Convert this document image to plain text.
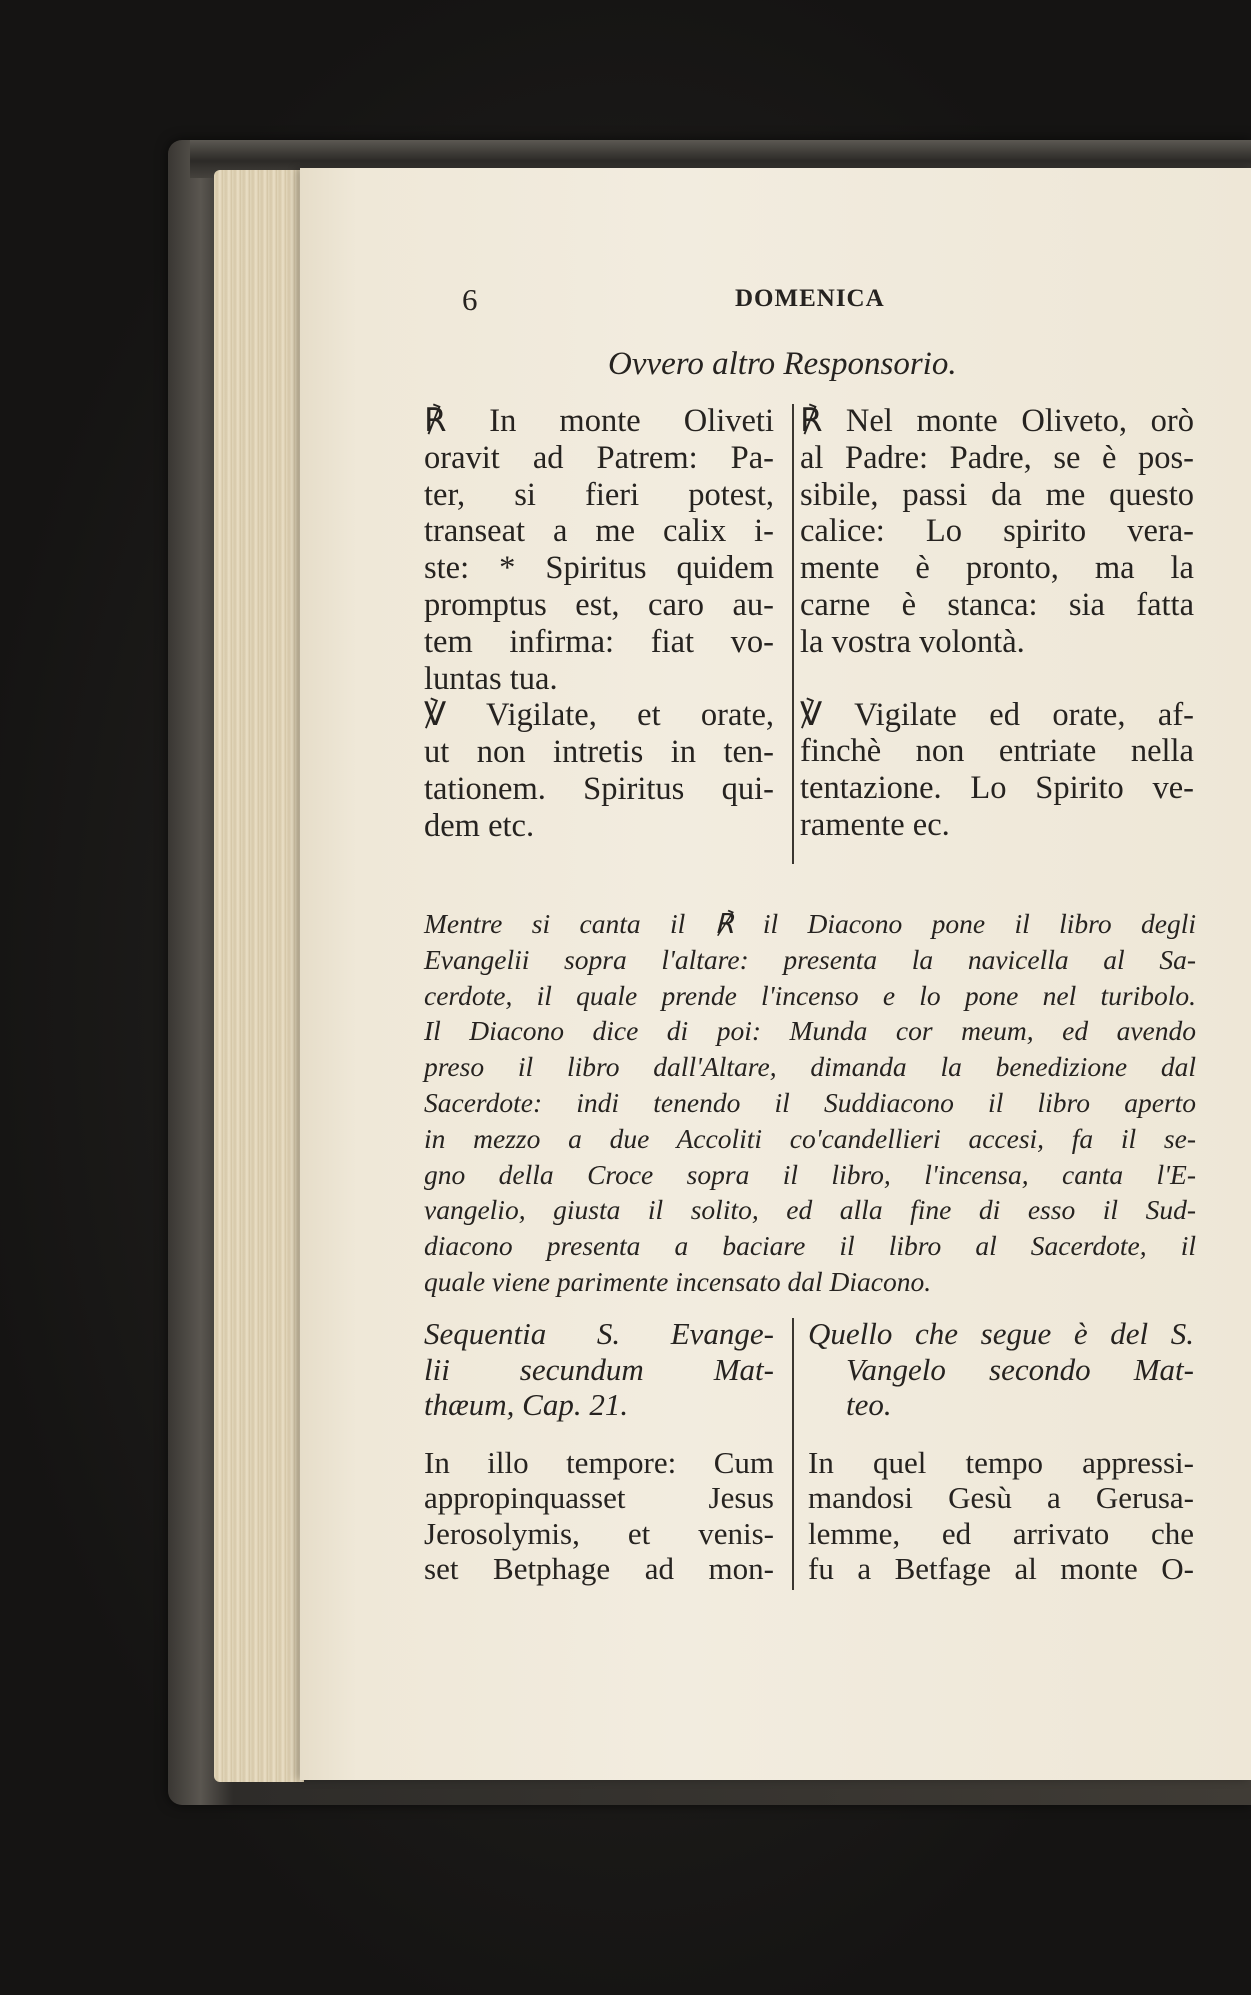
6	DOMENICA
Ovvero altro Responsorio.
℟ In monte Oliveti
oravit ad Patrem: Pa-
ter, si fieri potest,
transeat a me calix i-
ste: * Spiritus quidem
promptus est, caro au-
tem infirma: fiat vo-
luntas tua.
℣ Vigilate, et orate,
ut non intretis in ten-
tationem. Spiritus qui-
dem etc.
℟ Nel monte Oliveto, orò
al Padre: Padre, se è pos-
sibile, passi da me questo
calice: Lo spirito vera-
mente è pronto, ma la
carne è stanca: sia fatta
la vostra volontà.
℣ Vigilate ed orate, af-
finchè non entriate nella
tentazione. Lo Spirito ve-
ramente ec.
Mentre si canta il ℟ il Diacono pone il libro degli
Evangelii sopra l'altare: presenta la navicella al Sa-
cerdote, il quale prende l'incenso e lo pone nel turibolo.
Il Diacono dice di poi: Munda cor meum, ed avendo
preso il libro dall'Altare, dimanda la benedizione dal
Sacerdote: indi tenendo il Suddiacono il libro aperto
in mezzo a due Accoliti co'candellieri accesi, fa il se-
gno della Croce sopra il libro, l'incensa, canta l'E-
vangelio, giusta il solito, ed alla fine di esso il Sud-
diacono presenta a baciare il libro al Sacerdote, il
quale viene parimente incensato dal Diacono.
Sequentia S. Evange-
lii secundum Mat-
thæum, Cap. 21.
In illo tempore: Cum
appropinquasset Jesus
Jerosolymis, et venis-
set Betphage ad mon-
Quello che segue è del S.
Vangelo secondo Mat-
teo.
In quel tempo appressi-
mandosi Gesù a Gerusa-
lemme, ed arrivato che
fu a Betfage al monte O-
